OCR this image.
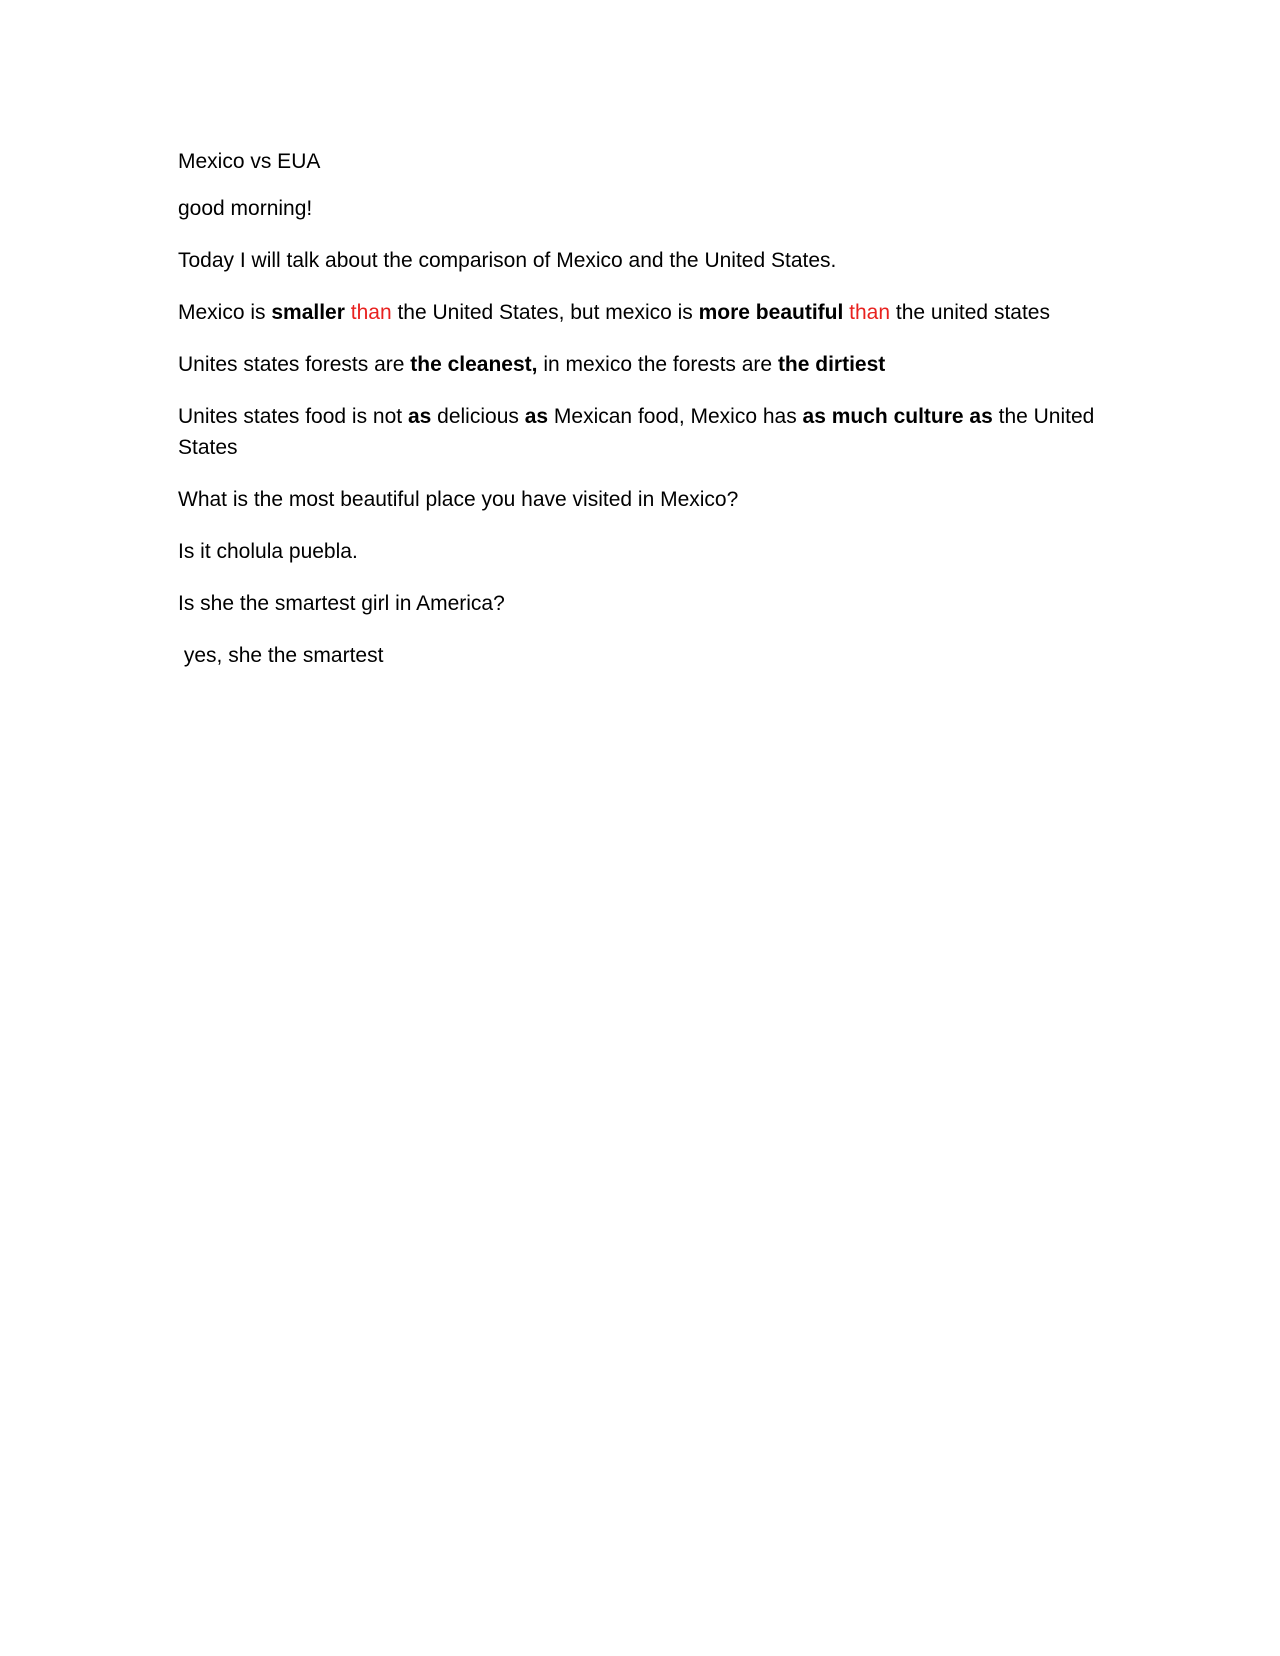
Mexico vs EUA

good morning!

Today I will talk about the comparison of Mexico and the United States.

Mexico is smaller than the United States, but mexico is more beautiful than the united states

Unites states forests are the cleanest, in mexico the forests are the dirtiest

Unites states food is not as delicious as Mexican food, Mexico has as much culture as the United States

What is the most beautiful place you have visited in Mexico?

Is it cholula puebla.

Is she the smartest girl in America?

yes, she the smartest
